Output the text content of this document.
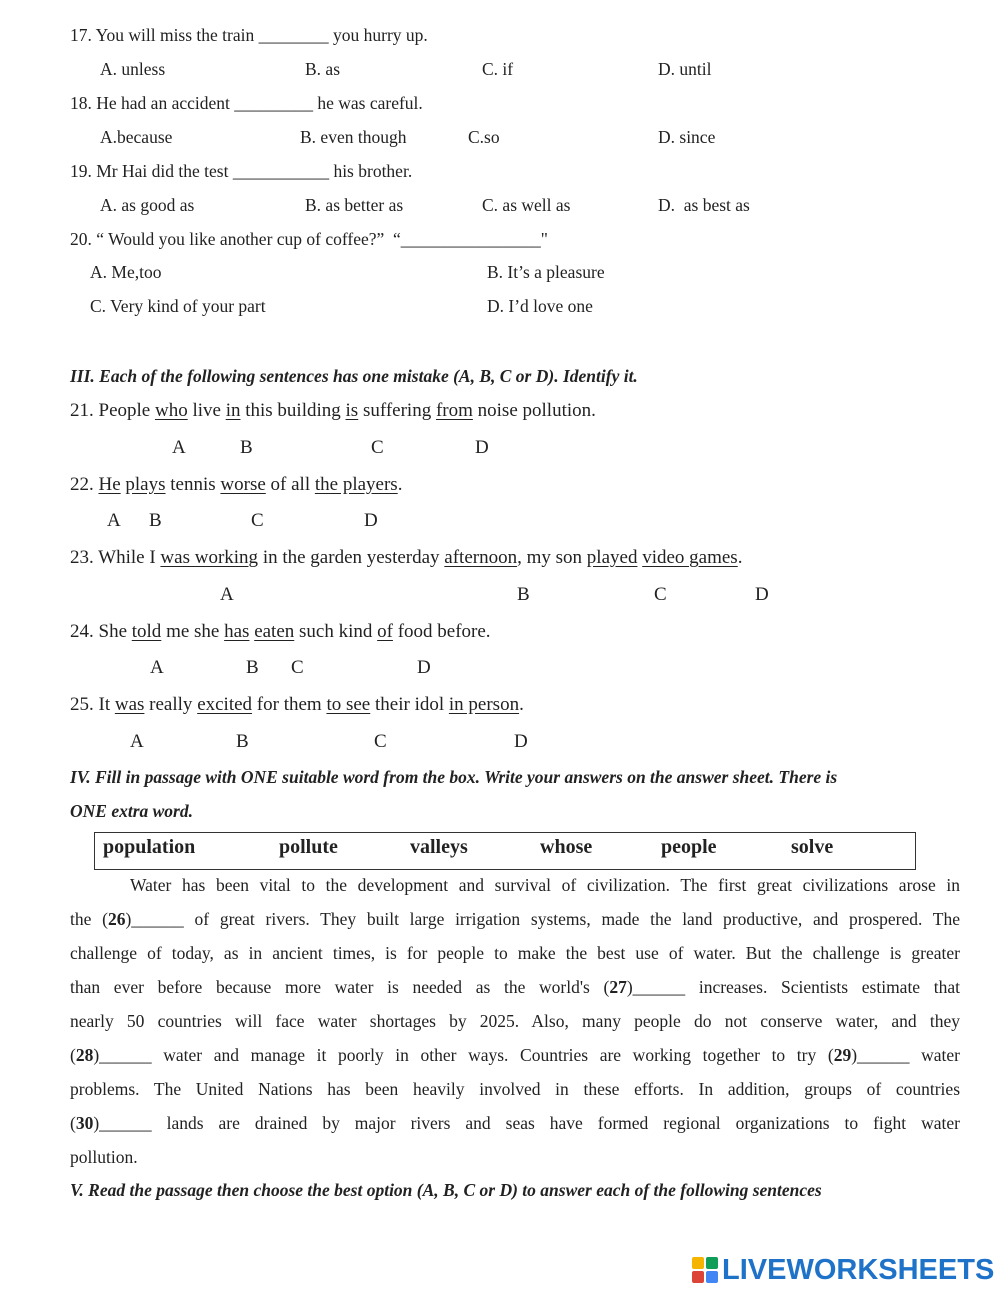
17. You will miss the train ________ you hurry up.
A. unless	B. as	C. if	D. until
18. He had an accident _________ he was careful.
A.because	B. even though	C.so	D. since
19. Mr Hai did the test ___________ his brother.
A. as good as	B. as better as	C. as well as	D.  as best as
20. “ Would you like another cup of coffee?”  “________________"
A. Me,too	B. It’s a pleasure
C. Very kind of your part	D. I’d love one
III. Each of the following sentences has one mistake (A, B, C or D). Identify it.
21. People who live in this building is suffering from noise pollution.
A	B	C	D
22. He plays tennis worse of all the players.
A B	C	D
23. While I was working in the garden yesterday afternoon, my son played video games.
A	B	C	D
24. She told me she has eaten such kind of food before.
A	B C	D
25. It was really excited for them to see their idol in person.
A	B	C	D
IV. Fill in passage with ONE suitable word from the box. Write your answers on the answer sheet. There is
ONE extra word.
population	pollute	valleys	whose	people	solve
Water has been vital to the development and survival of civilization. The first great civilizations arose in
the (26)______ of great rivers. They built large irrigation systems, made the land productive, and prospered. The
challenge of today, as in ancient times, is for people to make the best use of water. But the challenge is greater
than ever before because more water is needed as the world's (27)______ increases. Scientists estimate that
nearly 50 countries will face water shortages by 2025. Also, many people do not conserve water, and they
(28)______ water and manage it poorly in other ways. Countries are working together to try (29)______ water
problems. The United Nations has been heavily involved in these efforts. In addition, groups of countries
(30)______ lands are drained by major rivers and seas have formed regional organizations to fight water
pollution.
V. Read the passage then choose the best option (A, B, C or D) to answer each of the following sentences
LIVEWORKSHEETS
